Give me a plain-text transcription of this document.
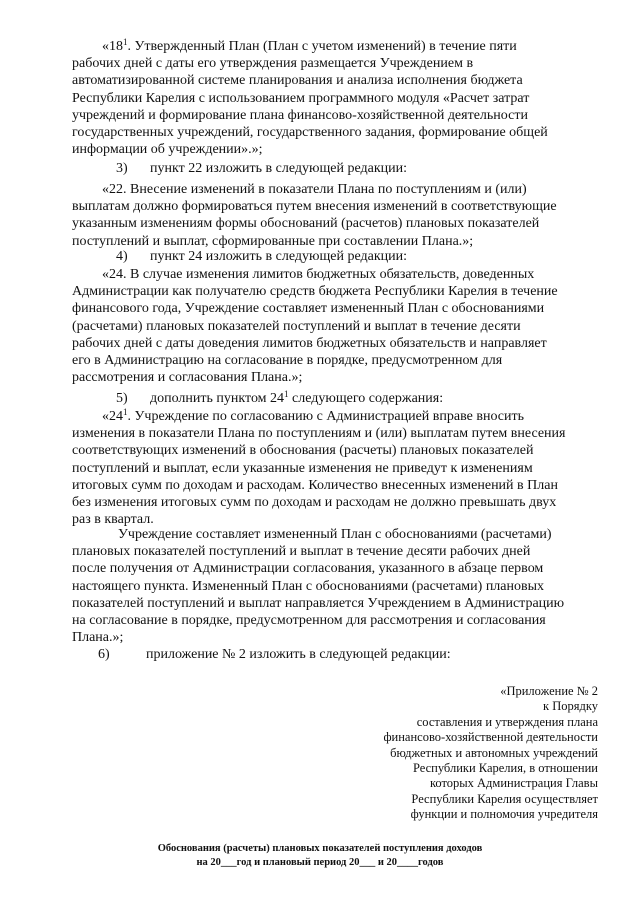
«$18^1$. Утвержденный План (План с учетом изменений) в течение пяти
рабочих дней с даты его утверждения размещается Учреждением в
автоматизированной системе планирования и анализа исполнения бюджета
Республики Карелия с использованием программного модуля «Расчет затрат
учреждений и формирование плана финансово-хозяйственной деятельности
государственных учреждений, государственного задания, формирование общей
информации об учреждении».»;
3) пункт 22 изложить в следующей редакции:
«22. Внесение изменений в показатели Плана по поступлениям и (или)
выплатам должно формироваться путем внесения изменений в соответствующие
указанным изменениям формы обоснований (расчетов) плановых показателей
поступлений и выплат, сформированные при составлении Плана.»;
4) пункт 24 изложить в следующей редакции:
«24. В случае изменения лимитов бюджетных обязательств, доведенных
Администрации как получателю средств бюджета Республики Карелия в течение
финансового года, Учреждение составляет измененный План с обоснованиями
(расчетами) плановых показателей поступлений и выплат в течение десяти
рабочих дней с даты доведения лимитов бюджетных обязательств и направляет
его в Администрацию на согласование в порядке, предусмотренном для
рассмотрения и согласования Плана.»;
5) дополнить пунктом $24^1$ следующего содержания:
«$24^1$. Учреждение по согласованию с Администрацией вправе вносить
изменения в показатели Плана по поступлениям и (или) выплатам путем внесения
соответствующих изменений в обоснования (расчеты) плановых показателей
поступлений и выплат, если указанные изменения не приведут к изменениям
итоговых сумм по доходам и расходам. Количество внесенных изменений в План
без изменения итоговых сумм по доходам и расходам не должно превышать двух
раз в квартал.
Учреждение составляет измененный План с обоснованиями (расчетами)
плановых показателей поступлений и выплат в течение десяти рабочих дней
после получения от Администрации согласования, указанного в абзаце первом
настоящего пункта. Измененный План с обоснованиями (расчетами) плановых
показателей поступлений и выплат направляется Учреждением в Администрацию
на согласование в порядке, предусмотренном для рассмотрения и согласования
Плана.»;
6)	приложение № 2 изложить в следующей редакции:
«Приложение № 2
к Порядку
составления и утверждения плана
финансово-хозяйственной деятельности
бюджетных и автономных учреждений
Республики Карелия, в отношении
которых Администрация Главы
Республики Карелия осуществляет
функции и полномочия учредителя
Обоснования (расчеты) плановых показателей поступления доходов
на 20___год и плановый период 20___ и 20____годов
